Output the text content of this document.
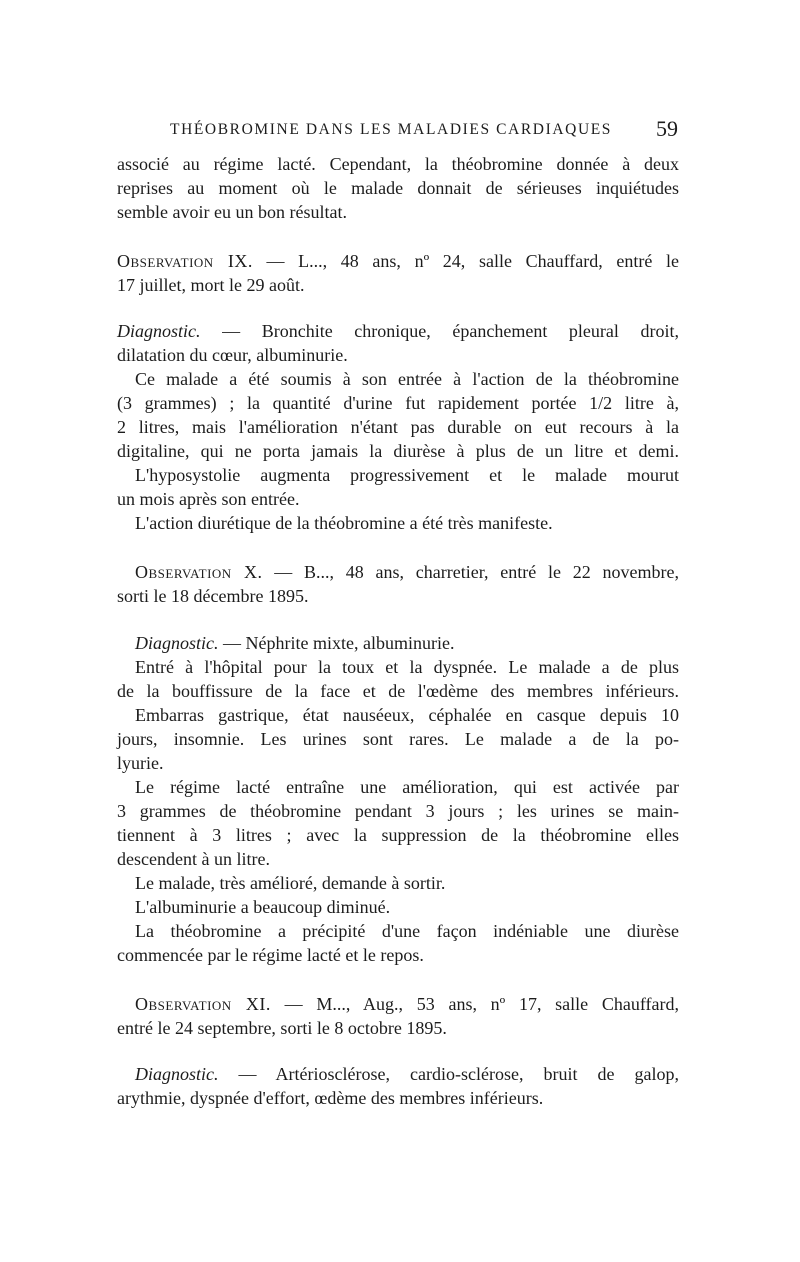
THÉOBROMINE DANS LES MALADIES CARDIAQUES 59
associé au régime lacté. Cependant, la théobromine donnée à deux
reprises au moment où le malade donnait de sérieuses inquiétudes
semble avoir eu un bon résultat.
Observation IX. — L..., 48 ans, nº 24, salle Chauffard, entré le
17 juillet, mort le 29 août.
Diagnostic. — Bronchite chronique, épanchement pleural droit,
dilatation du cœur, albuminurie.
Ce malade a été soumis à son entrée à l'action de la théobromine
(3 grammes) ; la quantité d'urine fut rapidement portée 1/2 litre à,
2 litres, mais l'amélioration n'étant pas durable on eut recours à la
digitaline, qui ne porta jamais la diurèse à plus de un litre et demi.
L'hyposystolie augmenta progressivement et le malade mourut
un mois après son entrée.
L'action diurétique de la théobromine a été très manifeste.
Observation X. — B..., 48 ans, charretier, entré le 22 novembre,
sorti le 18 décembre 1895.
Diagnostic. — Néphrite mixte, albuminurie.
Entré à l'hôpital pour la toux et la dyspnée. Le malade a de plus
de la bouffissure de la face et de l'œdème des membres inférieurs.
Embarras gastrique, état nauséeux, céphalée en casque depuis 10
jours, insomnie. Les urines sont rares. Le malade a de la po-
lyurie.
Le régime lacté entraîne une amélioration, qui est activée par
3 grammes de théobromine pendant 3 jours ; les urines se main-
tiennent à 3 litres ; avec la suppression de la théobromine elles
descendent à un litre.
Le malade, très amélioré, demande à sortir.
L'albuminurie a beaucoup diminué.
La théobromine a précipité d'une façon indéniable une diurèse
commencée par le régime lacté et le repos.
Observation XI. — M..., Aug., 53 ans, nº 17, salle Chauffard,
entré le 24 septembre, sorti le 8 octobre 1895.
Diagnostic. — Artériosclérose, cardio-sclérose, bruit de galop,
arythmie, dyspnée d'effort, œdème des membres inférieurs.
